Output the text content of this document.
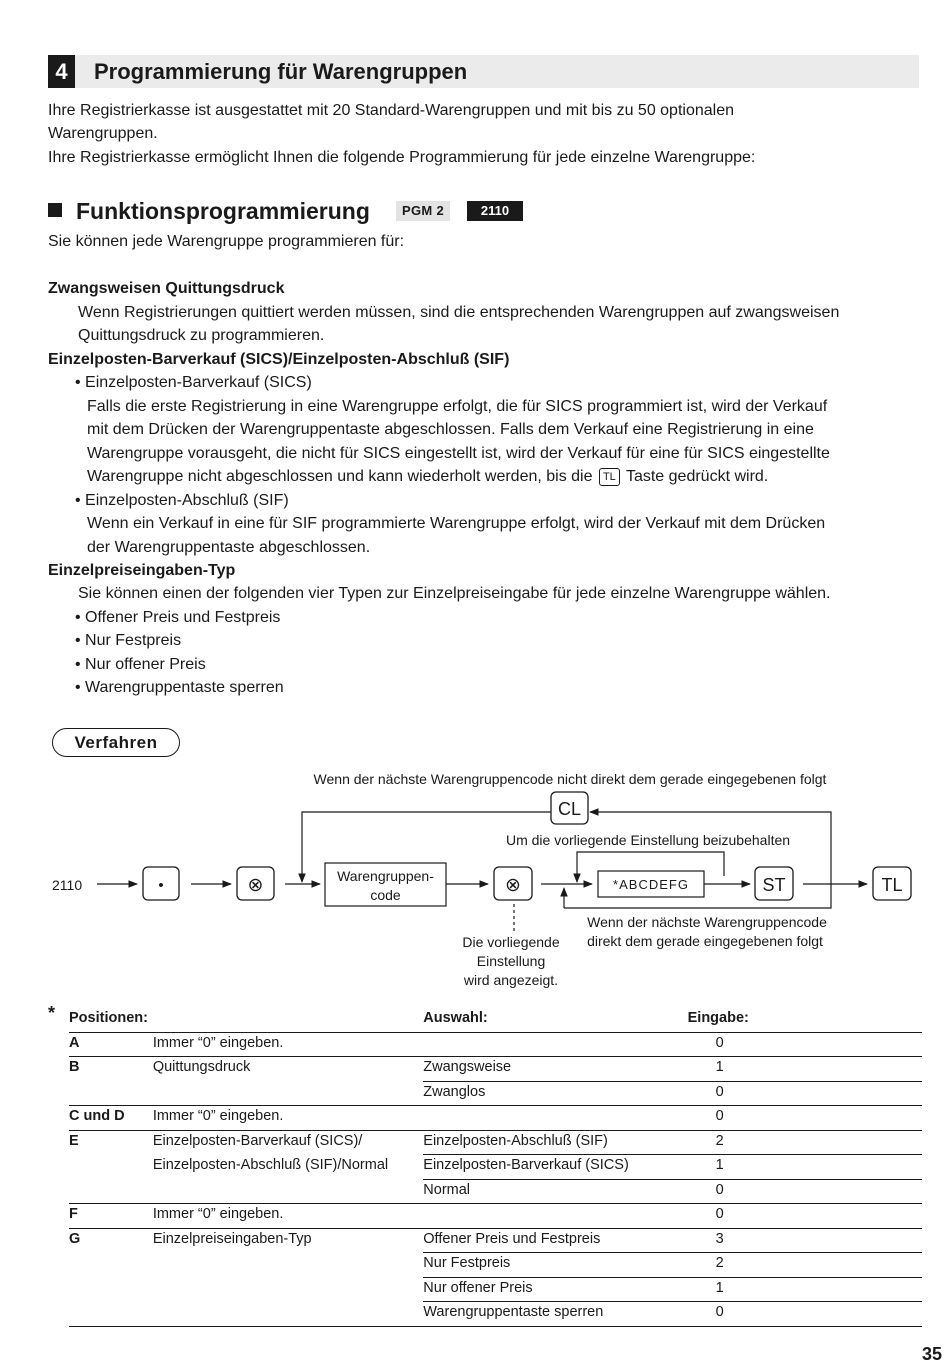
4	Programmierung für Warengruppen
Ihre Registrierkasse ist ausgestattet mit 20 Standard-Warengruppen und mit bis zu 50 optionalen
Warengruppen.
Ihre Registrierkasse ermöglicht Ihnen die folgende Programmierung für jede einzelne Warengruppe:
Funktionsprogrammierung	PGM 2	2110
Sie können jede Warengruppe programmieren für:
Zwangsweisen Quittungsdruck
Wenn Registrierungen quittiert werden müssen, sind die entsprechenden Warengruppen auf zwangsweisen
Quittungsdruck zu programmieren.
Einzelposten-Barverkauf (SICS)/Einzelposten-Abschluß (SIF)
• Einzelposten-Barverkauf (SICS)
Falls die erste Registrierung in eine Warengruppe erfolgt, die für SICS programmiert ist, wird der Verkauf
mit dem Drücken der Warengruppentaste abgeschlossen. Falls dem Verkauf eine Registrierung in eine
Warengruppe vorausgeht, die nicht für SICS eingestellt ist, wird der Verkauf für eine für SICS eingestellte
Warengruppe nicht abgeschlossen und kann wiederholt werden, bis die TL Taste gedrückt wird.
• Einzelposten-Abschluß (SIF)
Wenn ein Verkauf in eine für SIF programmierte Warengruppe erfolgt, wird der Verkauf mit dem Drücken
der Warengruppentaste abgeschlossen.
Einzelpreiseingaben-Typ
Sie können einen der folgenden vier Typen zur Einzelpreiseingabe für jede einzelne Warengruppe wählen.
• Offener Preis und Festpreis
• Nur Festpreis
• Nur offener Preis
• Warengruppentaste sperren
Verfahren
Wenn der nächste Warengruppencode nicht direkt dem gerade eingegebenen folgt
CL
Um die vorliegende Einstellung beizubehalten
2110	•	⊗	Warengruppen-
code	⊗	*ABCDEFG	ST	TL
Wenn der nächste Warengruppencode
direkt dem gerade eingegebenen folgt
Die vorliegende
Einstellung
wird angezeigt.
* Positionen:		Auswahl:	Eingabe:
A	Immer “0” eingeben.		0
B	Quittungsdruck	Zwangsweise	1
		Zwanglos	0
C und D	Immer “0” eingeben.		0
E	Einzelposten-Barverkauf (SICS)/	Einzelposten-Abschluß (SIF)	2
	Einzelposten-Abschluß (SIF)/Normal	Einzelposten-Barverkauf (SICS)	1
		Normal	0
F	Immer “0” eingeben.		0
G	Einzelpreiseingaben-Typ	Offener Preis und Festpreis	3
		Nur Festpreis	2
		Nur offener Preis	1
		Warengruppentaste sperren	0
35
